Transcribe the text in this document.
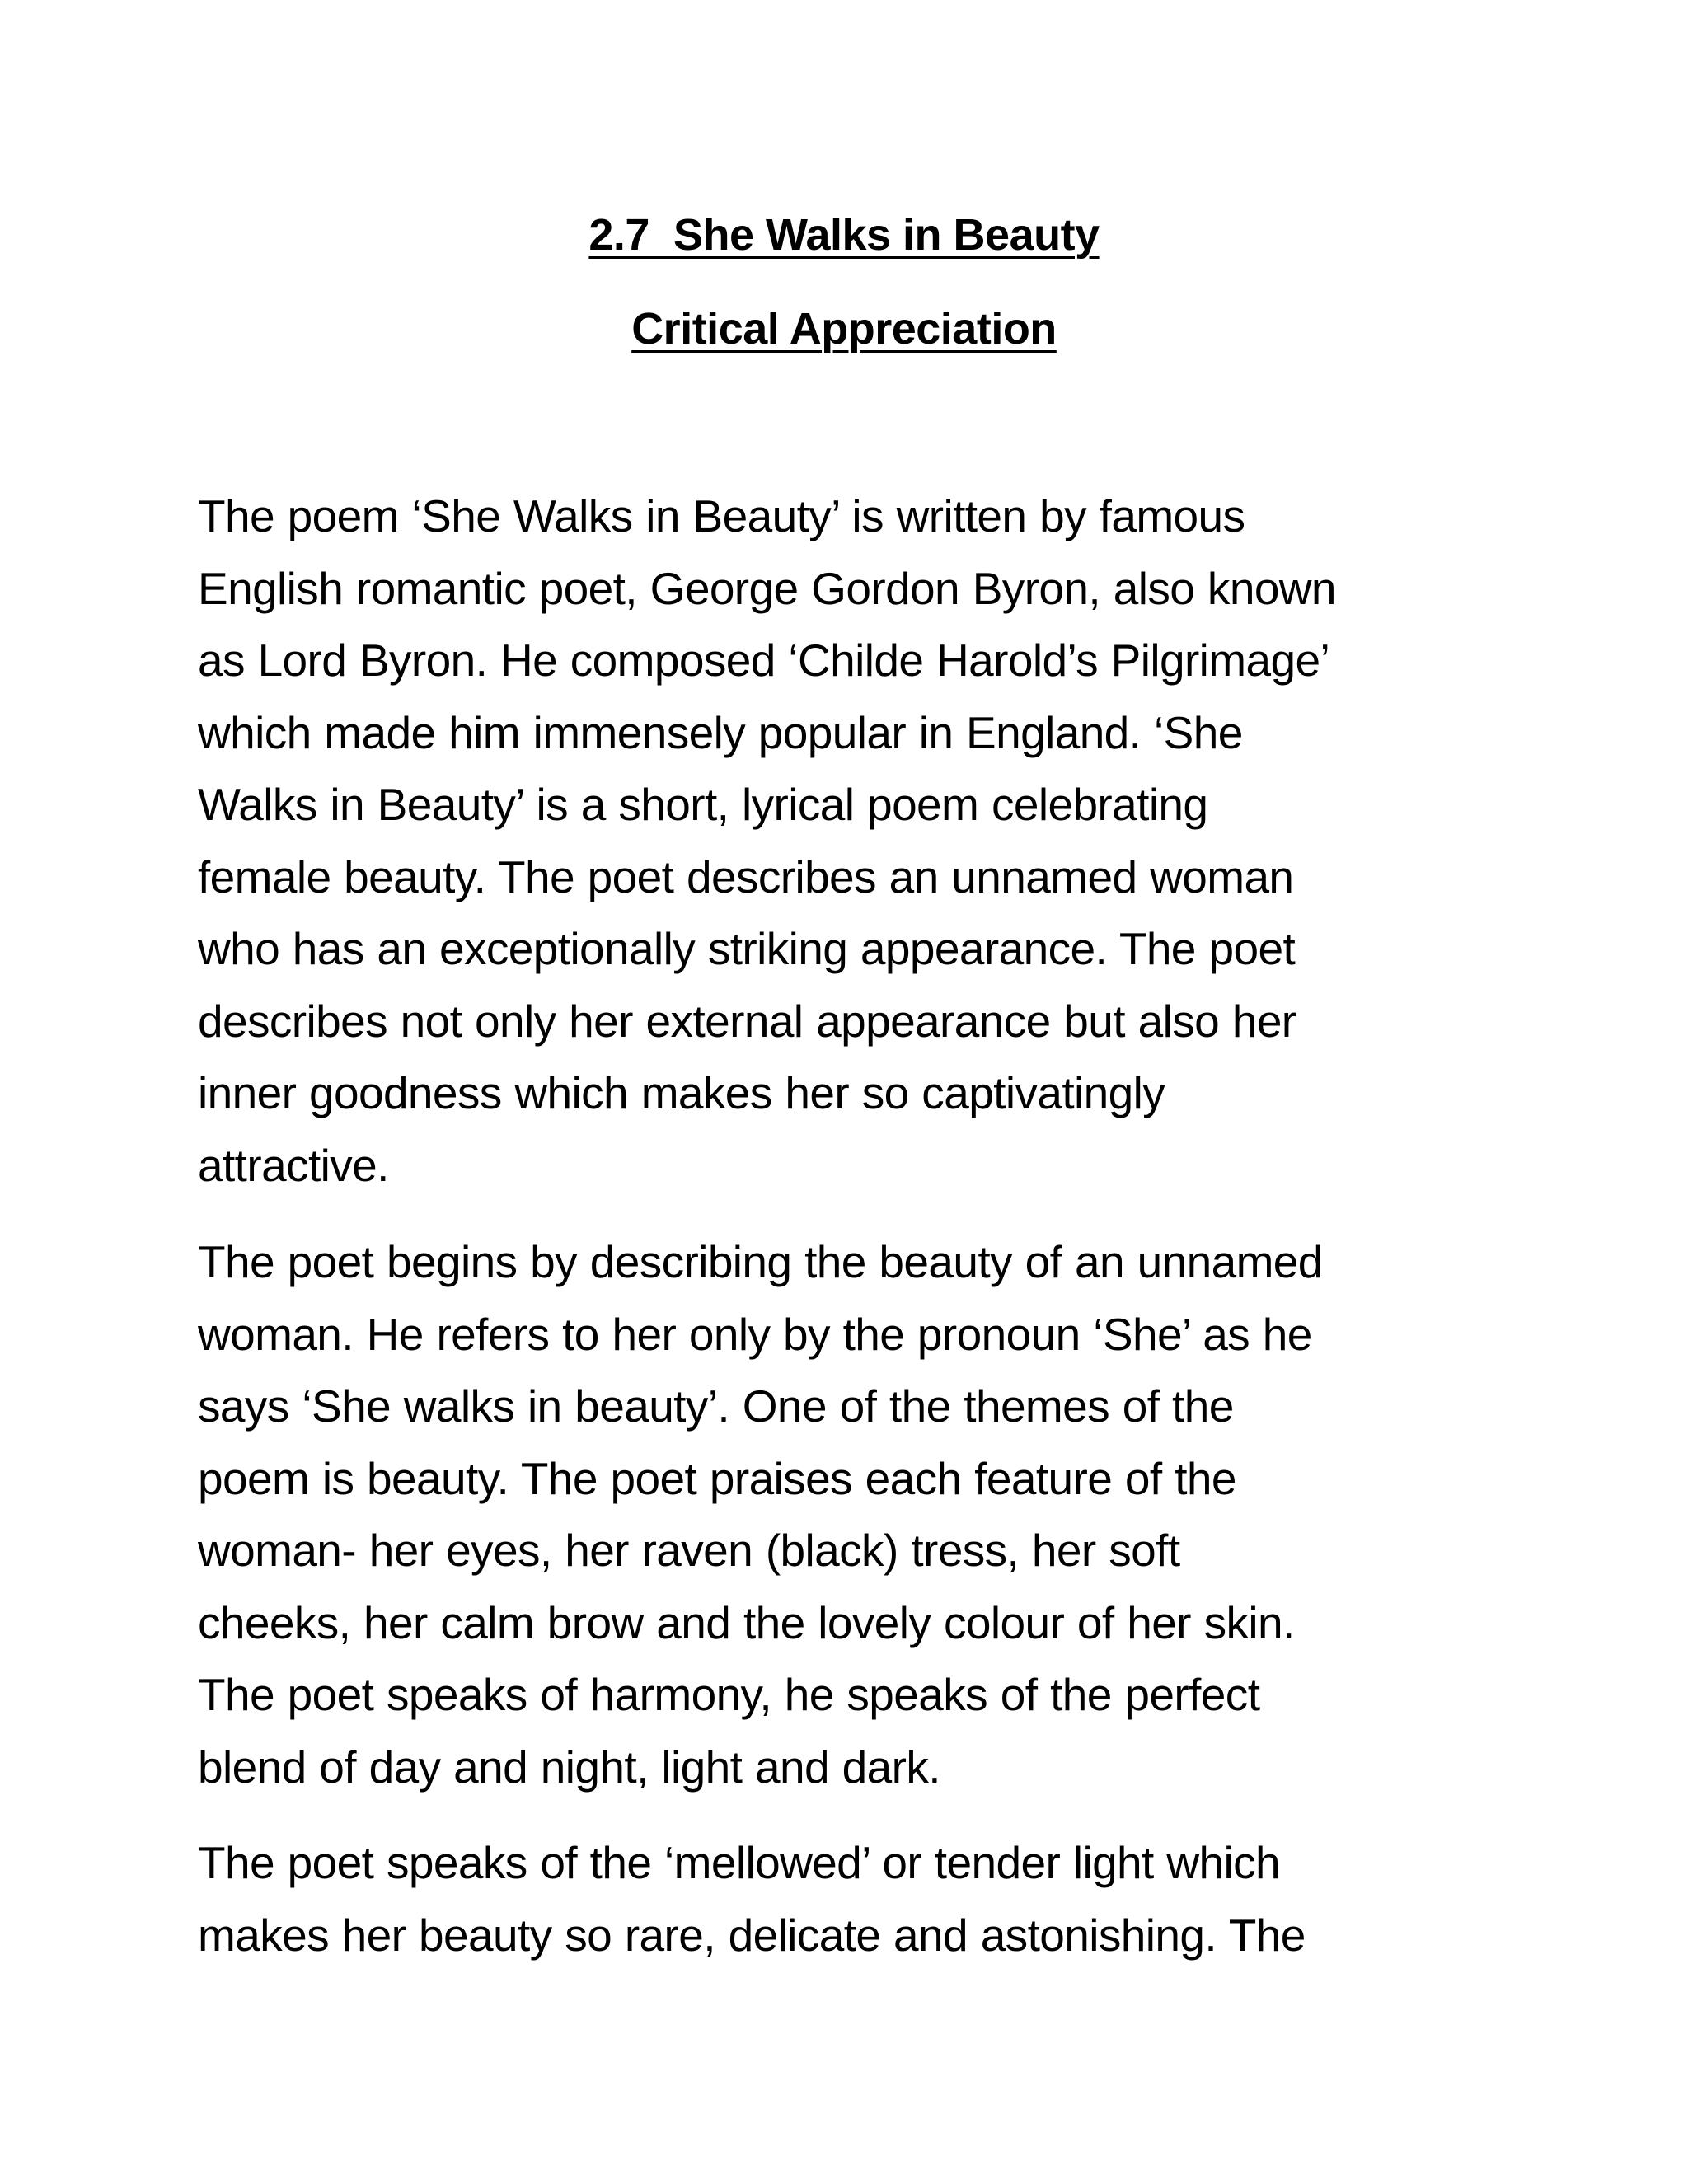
2.7  She Walks in Beauty
Critical Appreciation
The poem ‘She Walks in Beauty’ is written by famous
English romantic poet, George Gordon Byron, also known
as Lord Byron. He composed ‘Childe Harold’s Pilgrimage’
which made him immensely popular in England. ‘She
Walks in Beauty’ is a short, lyrical poem celebrating
female beauty. The poet describes an unnamed woman
who has an exceptionally striking appearance. The poet
describes not only her external appearance but also her
inner goodness which makes her so captivatingly
attractive.
The poet begins by describing the beauty of an unnamed
woman. He refers to her only by the pronoun ‘She’ as he
says ‘She walks in beauty’. One of the themes of the
poem is beauty. The poet praises each feature of the
woman- her eyes, her raven (black) tress, her soft
cheeks, her calm brow and the lovely colour of her skin.
The poet speaks of harmony, he speaks of the perfect
blend of day and night, light and dark.
The poet speaks of the ‘mellowed’ or tender light which
makes her beauty so rare, delicate and astonishing. The
